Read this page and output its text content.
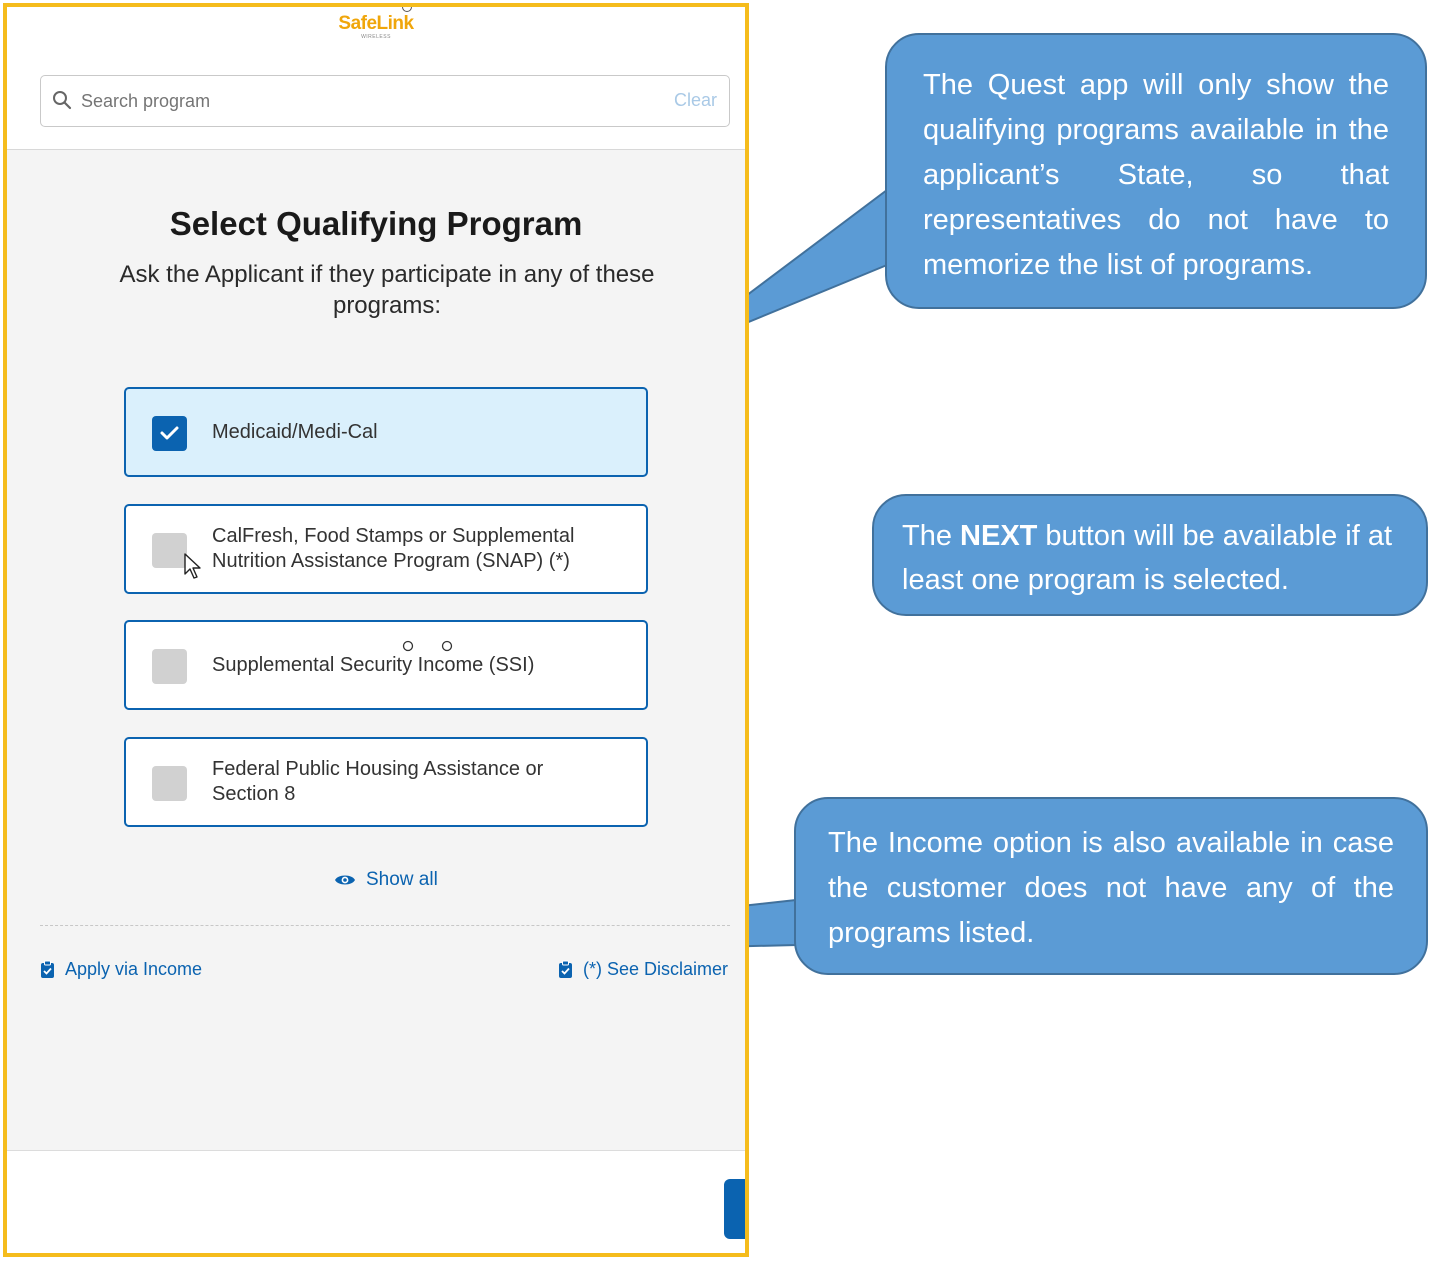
SafeLink
WIRELESS
Search program
Clear
Select Qualifying Program
Ask the Applicant if they participate in any of these programs:
Medicaid/Medi-Cal
CalFresh, Food Stamps or Supplemental Nutrition Assistance Program (SNAP) (*)
Supplemental Security Income (SSI)
Federal Public Housing Assistance or Section 8
Show all
Apply via Income	(*) See Disclaimer

The Quest app will only show the qualifying programs available in the applicant’s State, so that representatives do not have to memorize the list of programs.

The NEXT button will be available if at least one program is selected.

The Income option is also available in case the customer does not have any of the programs listed.
